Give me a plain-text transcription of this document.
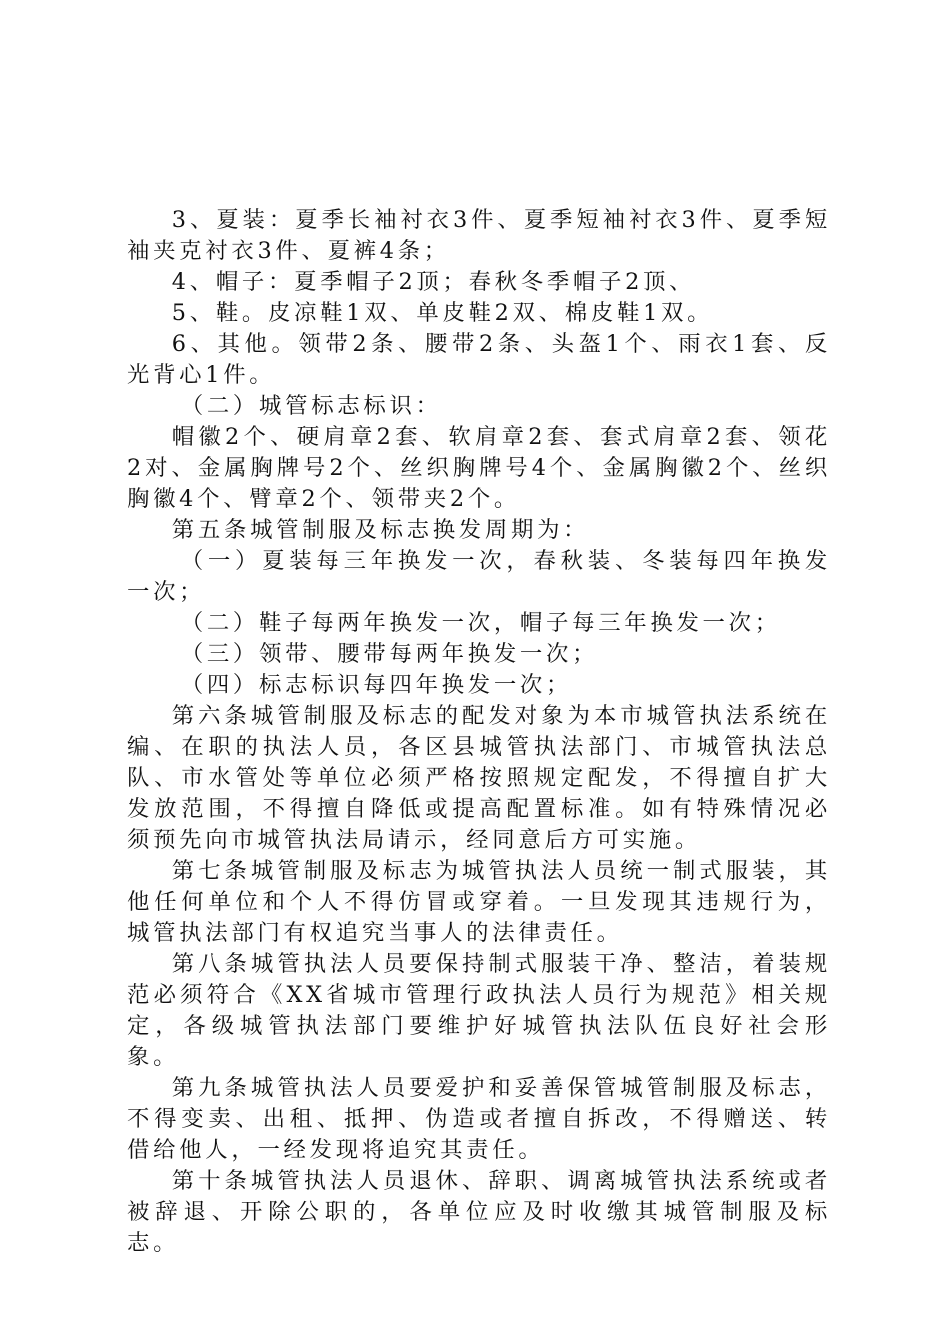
3、夏装：夏季长袖衬衣3件、夏季短袖衬衣3件、夏季短袖夹克衬衣3件、夏裤4条；

4、帽子：夏季帽子2顶；春秋冬季帽子2顶、

5、鞋。皮凉鞋1双、单皮鞋2双、棉皮鞋1双。

6、其他。领带2条、腰带2条、头盔1个、雨衣1套、反光背心1件。

（二）城管标志标识：

帽徽2个、硬肩章2套、软肩章2套、套式肩章2套、领花2对、金属胸牌号2个、丝织胸牌号4个、金属胸徽2个、丝织胸徽4个、臂章2个、领带夹2个。

第五条城管制服及标志换发周期为：

（一）夏装每三年换发一次，春秋装、冬装每四年换发一次；

（二）鞋子每两年换发一次，帽子每三年换发一次；

（三）领带、腰带每两年换发一次；

（四）标志标识每四年换发一次；

第六条城管制服及标志的配发对象为本市城管执法系统在编、在职的执法人员，各区县城管执法部门、市城管执法总队、市水管处等单位必须严格按照规定配发，不得擅自扩大发放范围，不得擅自降低或提高配置标准。如有特殊情况必须预先向市城管执法局请示，经同意后方可实施。

第七条城管制服及标志为城管执法人员统一制式服装，其他任何单位和个人不得仿冒或穿着。一旦发现其违规行为，城管执法部门有权追究当事人的法律责任。

第八条城管执法人员要保持制式服装干净、整洁，着装规范必须符合《XX省城市管理行政执法人员行为规范》相关规定，各级城管执法部门要维护好城管执法队伍良好社会形象。

第九条城管执法人员要爱护和妥善保管城管制服及标志，不得变卖、出租、抵押、伪造或者擅自拆改，不得赠送、转借给他人，一经发现将追究其责任。

第十条城管执法人员退休、辞职、调离城管执法系统或者被辞退、开除公职的，各单位应及时收缴其城管制服及标志。
